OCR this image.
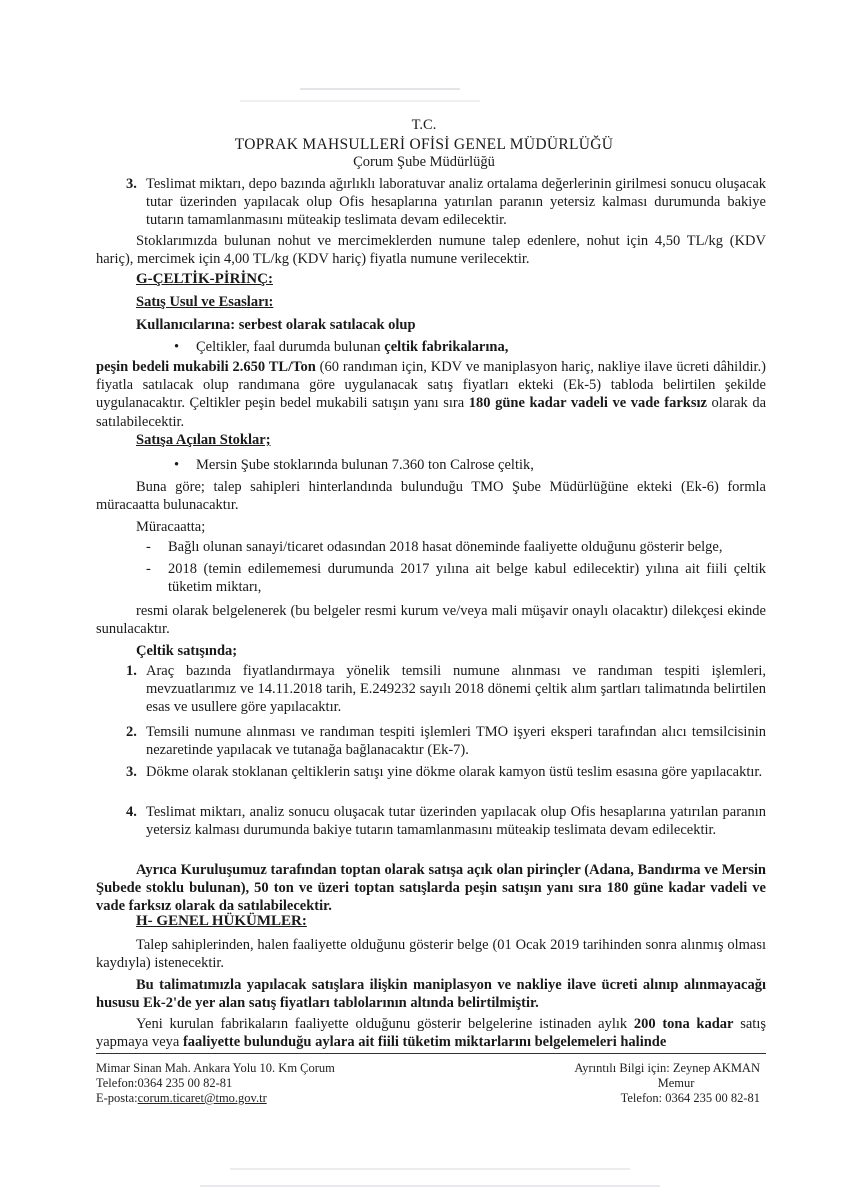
T.C.
TOPRAK MAHSULLERİ OFİSİ GENEL MÜDÜRLÜĞÜ
Çorum Şube Müdürlüğü
3. Teslimat miktarı, depo bazında ağırlıklı laboratuvar analiz ortalama değerlerinin girilmesi sonucu oluşacak tutar üzerinden yapılacak olup Ofis hesaplarına yatırılan paranın yetersiz kalması durumunda bakiye tutarın tamamlanmasını müteakip teslimata devam edilecektir.
Stoklarımızda bulunan nohut ve mercimeklerden numune talep edenlere, nohut için 4,50 TL/kg (KDV hariç), mercimek için 4,00 TL/kg (KDV hariç) fiyatla numune verilecektir.
G-ÇELTİK-PİRİNÇ:
Satış Usul ve Esasları:
Kullanıcılarına: serbest olarak satılacak olup
• Çeltikler, faal durumda bulunan çeltik fabrikalarına,
peşin bedeli mukabili 2.650 TL/Ton (60 randıman için, KDV ve maniplasyon hariç, nakliye ilave ücreti dâhildir.) fiyatla satılacak olup randımana göre uygulanacak satış fiyatları ekteki (Ek-5) tabloda belirtilen şekilde uygulanacaktır. Çeltikler peşin bedel mukabili satışın yanı sıra 180 güne kadar vadeli ve vade farksız olarak da satılabilecektir.
Satışa Açılan Stoklar;
• Mersin Şube stoklarında bulunan 7.360 ton Calrose çeltik,
Buna göre; talep sahipleri hinterlandında bulunduğu TMO Şube Müdürlüğüne ekteki (Ek-6) formla müracaatta bulunacaktır.
Müracaatta;
- Bağlı olunan sanayi/ticaret odasından 2018 hasat döneminde faaliyette olduğunu gösterir belge,
- 2018 (temin edilememesi durumunda 2017 yılına ait belge kabul edilecektir) yılına ait fiili çeltik tüketim miktarı,
resmi olarak belgelenerek (bu belgeler resmi kurum ve/veya mali müşavir onaylı olacaktır) dilekçesi ekinde sunulacaktır.
Çeltik satışında;
1. Araç bazında fiyatlandırmaya yönelik temsili numune alınması ve randıman tespiti işlemleri, mevzuatlarımız ve 14.11.2018 tarih, E.249232 sayılı 2018 dönemi çeltik alım şartları talimatında belirtilen esas ve usullere göre yapılacaktır.
2. Temsili numune alınması ve randıman tespiti işlemleri TMO işyeri eksperi tarafından alıcı temsilcisinin nezaretinde yapılacak ve tutanağa bağlanacaktır (Ek-7).
3. Dökme olarak stoklanan çeltiklerin satışı yine dökme olarak kamyon üstü teslim esasına göre yapılacaktır.
4. Teslimat miktarı, analiz sonucu oluşacak tutar üzerinden yapılacak olup Ofis hesaplarına yatırılan paranın yetersiz kalması durumunda bakiye tutarın tamamlanmasını müteakip teslimata devam edilecektir.
Ayrıca Kuruluşumuz tarafından toptan olarak satışa açık olan pirinçler (Adana, Bandırma ve Mersin Şubede stoklu bulunan), 50 ton ve üzeri toptan satışlarda peşin satışın yanı sıra 180 güne kadar vadeli ve vade farksız olarak da satılabilecektir.
H- GENEL HÜKÜMLER:
Talep sahiplerinden, halen faaliyette olduğunu gösterir belge (01 Ocak 2019 tarihinden sonra alınmış olması kaydıyla) istenecektir.
Bu talimatımızla yapılacak satışlara ilişkin maniplasyon ve nakliye ilave ücreti alınıp alınmayacağı hususu Ek-2'de yer alan satış fiyatları tablolarının altında belirtilmiştir.
Yeni kurulan fabrikaların faaliyette olduğunu gösterir belgelerine istinaden aylık 200 tona kadar satış yapmaya veya faaliyette bulunduğu aylara ait fiili tüketim miktarlarını belgelemeleri halinde
Mimar Sinan Mah. Ankara Yolu 10. Km Çorum
Telefon:0364 235 00 82-81
E-posta:corum.ticaret@tmo.gov.tr
Ayrıntılı Bilgi için: Zeynep AKMAN
Memur
Telefon: 0364 235 00 82-81
